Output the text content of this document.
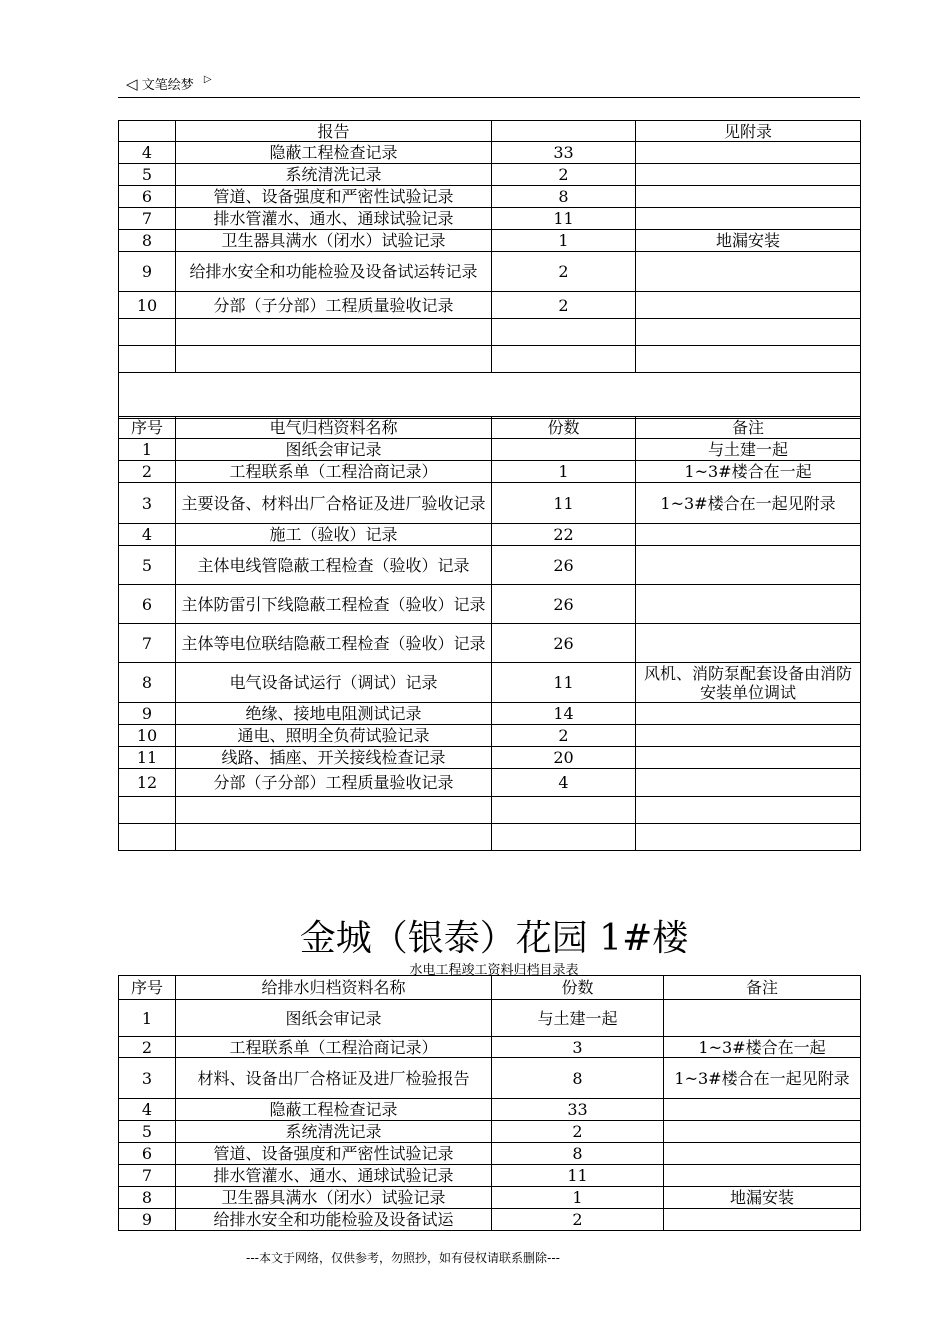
◁ 文笔绘梦 ▷
	报告		见附录
4	隐蔽工程检查记录	33	
5	系统清洗记录	2	
6	管道、设备强度和严密性试验记录	8	
7	排水管灌水、通水、通球试验记录	11	
8	卫生器具满水（闭水）试验记录	1	地漏安装
9	给排水安全和功能检验及设备试运转记录	2	
10	分部（子分部）工程质量验收记录	2	

序号	电气归档资料名称	份数	备注
1	图纸会审记录		与土建一起
2	工程联系单（工程洽商记录）	1	1~3#楼合在一起
3	主要设备、材料出厂合格证及进厂验收记录	11	1~3#楼合在一起见附录
4	施工（验收）记录	22	
5	主体电线管隐蔽工程检查（验收）记录	26	
6	主体防雷引下线隐蔽工程检查（验收）记录	26	
7	主体等电位联结隐蔽工程检查（验收）记录	26	
8	电气设备试运行（调试）记录	11	风机、消防泵配套设备由消防安装单位调试
9	绝缘、接地电阻测试记录	14	
10	通电、照明全负荷试验记录	2	
11	线路、插座、开关接线检查记录	20	
12	分部（子分部）工程质量验收记录	4	

金城（银泰）花园 1#楼
水电工程竣工资料归档目录表
序号	给排水归档资料名称	份数	备注
1	图纸会审记录	与土建一起	
2	工程联系单（工程洽商记录）	3	1~3#楼合在一起
3	材料、设备出厂合格证及进厂检验报告	8	1~3#楼合在一起见附录
4	隐蔽工程检查记录	33	
5	系统清洗记录	2	
6	管道、设备强度和严密性试验记录	8	
7	排水管灌水、通水、通球试验记录	11	
8	卫生器具满水（闭水）试验记录	1	地漏安装
9	给排水安全和功能检验及设备试运	2	
---本文于网络，仅供参考，勿照抄，如有侵权请联系删除---
